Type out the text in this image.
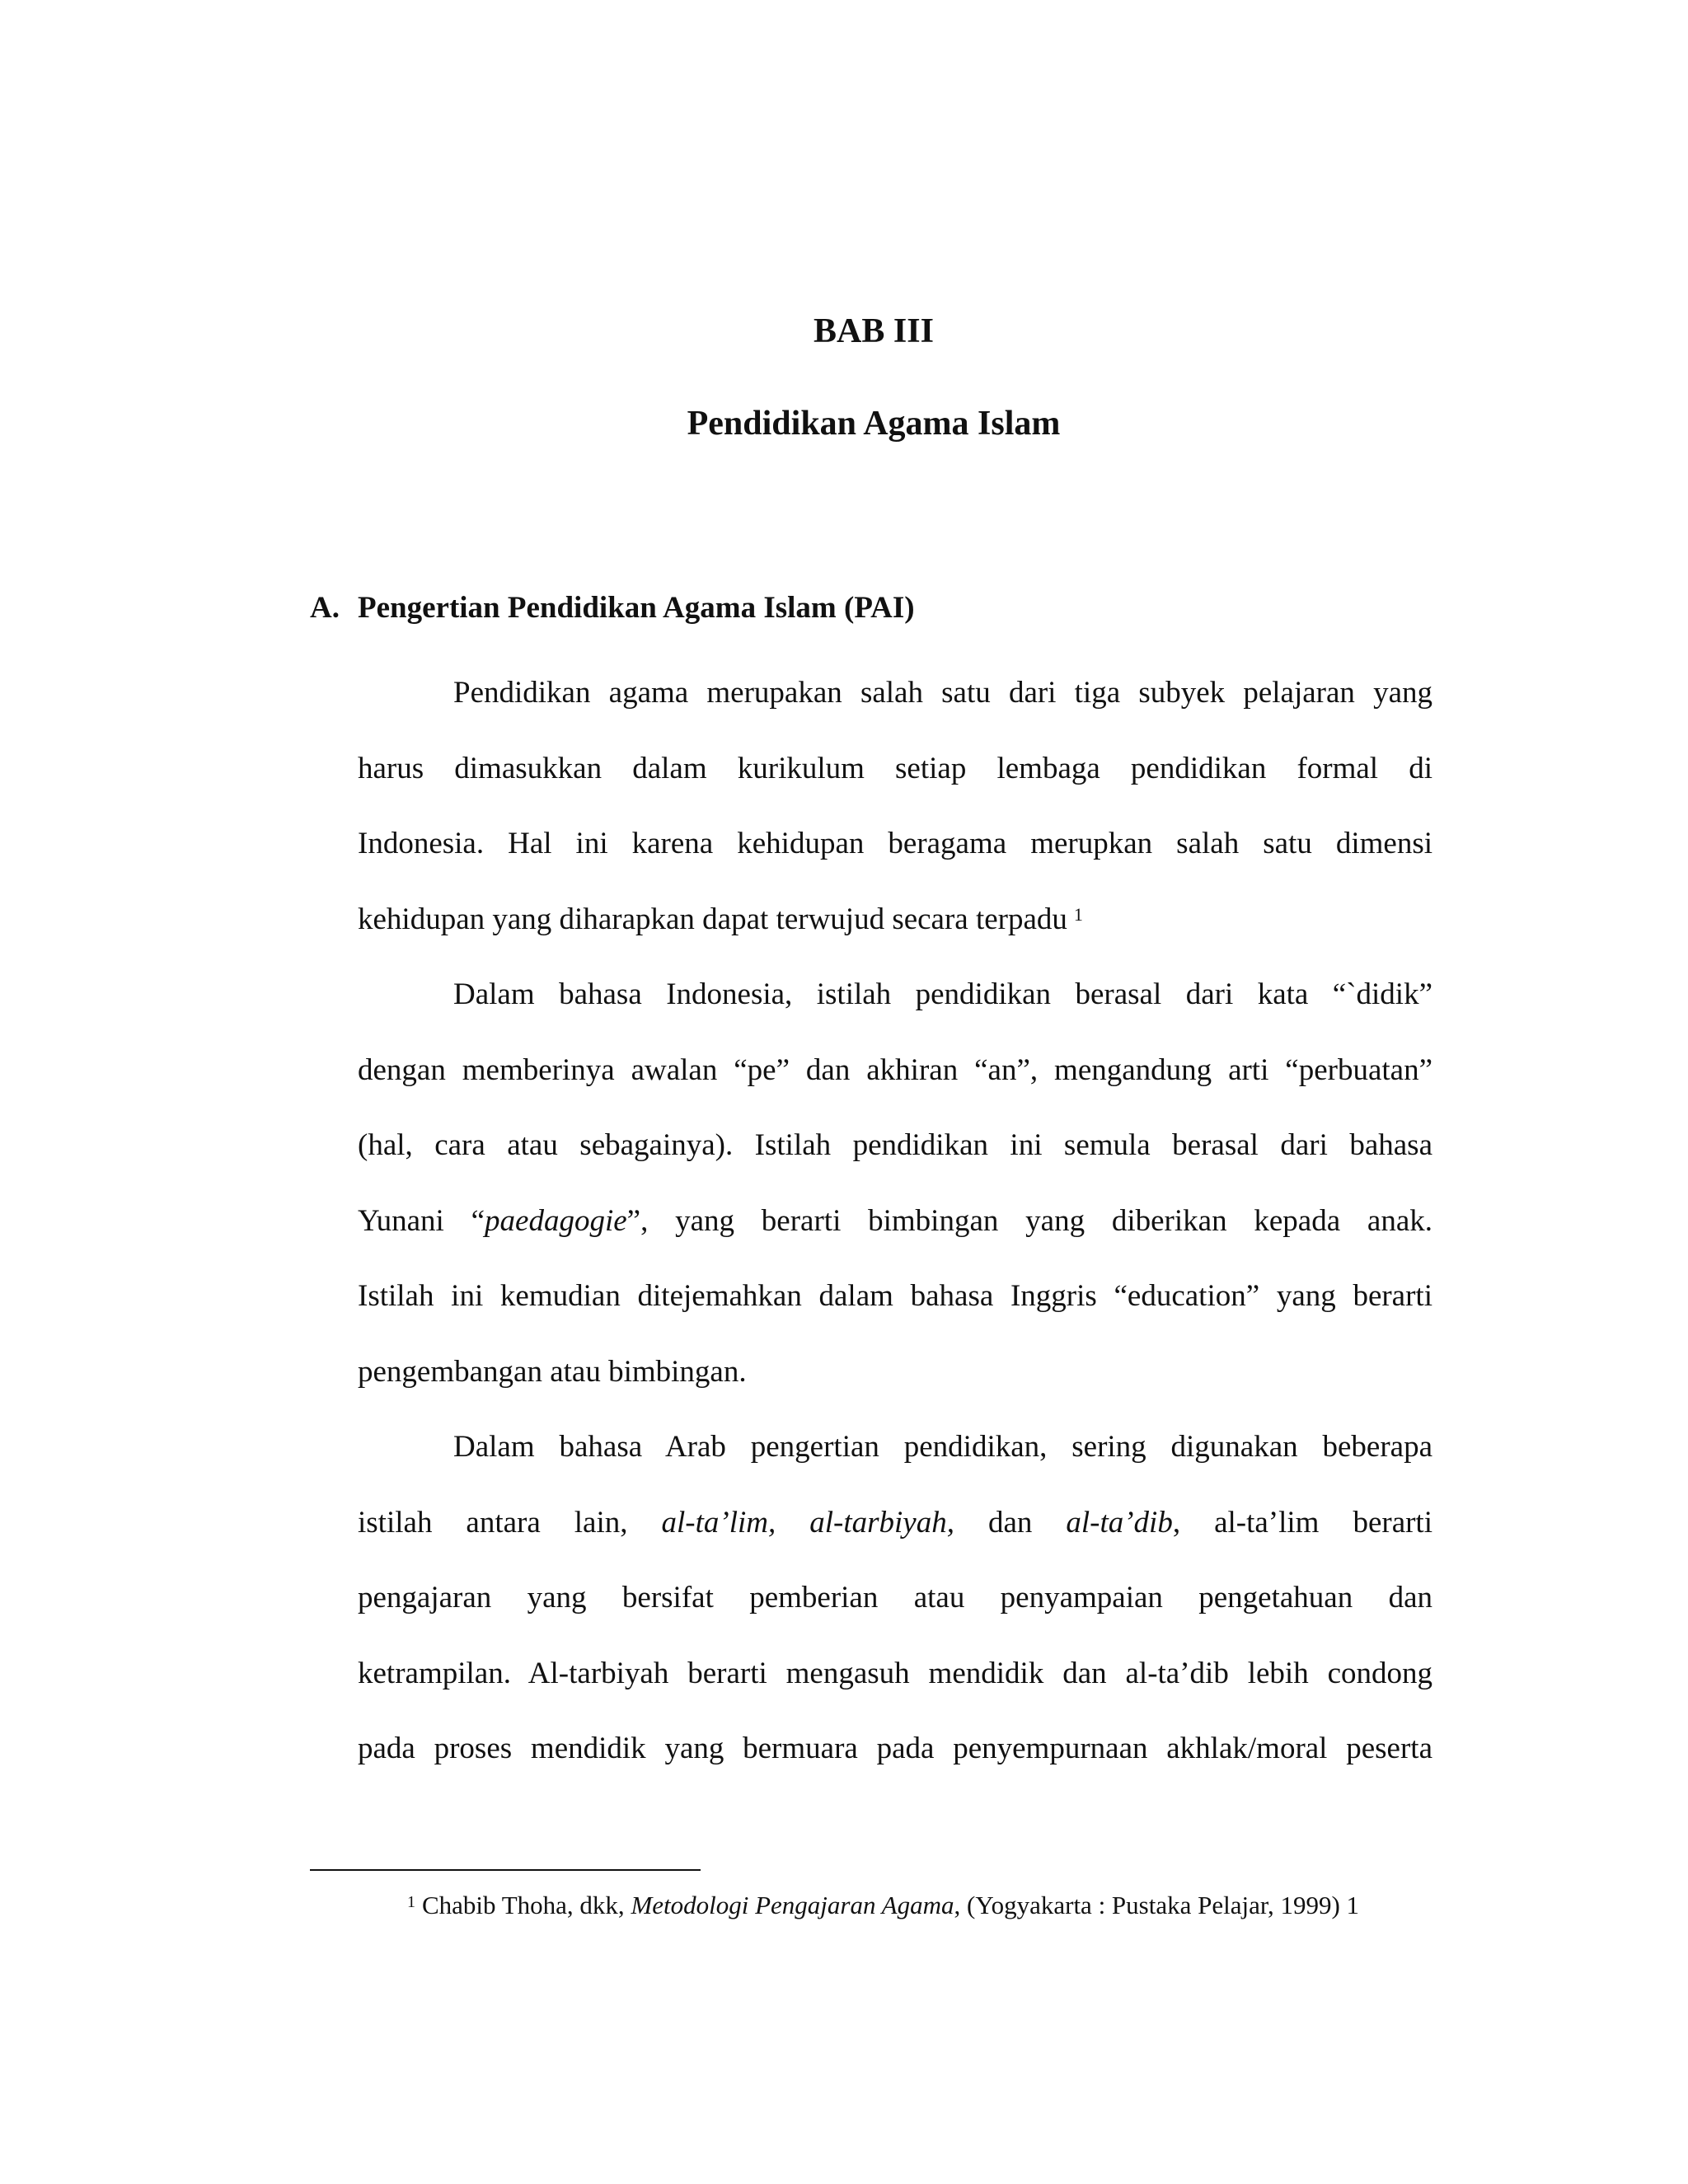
BAB III
Pendidikan Agama Islam
A. Pengertian Pendidikan Agama Islam (PAI)
Pendidikan agama merupakan salah satu dari tiga subyek pelajaran yang
harus dimasukkan dalam kurikulum setiap lembaga pendidikan formal di
Indonesia. Hal ini karena kehidupan beragama merupkan salah satu dimensi
kehidupan yang diharapkan dapat terwujud secara terpadu $^1$
Dalam bahasa Indonesia, istilah pendidikan berasal dari kata “`didik”
dengan memberinya awalan “pe” dan akhiran “an”, mengandung arti “perbuatan”
(hal, cara atau sebagainya). Istilah pendidikan ini semula berasal dari bahasa
Yunani “paedagogie”, yang berarti bimbingan yang diberikan kepada anak.
Istilah ini kemudian ditejemahkan dalam bahasa Inggris “education” yang berarti
pengembangan atau bimbingan.
Dalam bahasa Arab pengertian pendidikan, sering digunakan beberapa
istilah antara lain, al-ta’lim, al-tarbiyah, dan al-ta’dib, al-ta’lim berarti
pengajaran yang bersifat pemberian atau penyampaian pengetahuan dan
ketrampilan. Al-tarbiyah berarti mengasuh mendidik dan al-ta’dib lebih condong
pada proses mendidik yang bermuara pada penyempurnaan akhlak/moral peserta
$^1$ Chabib Thoha, dkk, Metodologi Pengajaran Agama, (Yogyakarta : Pustaka Pelajar, 1999) 1
